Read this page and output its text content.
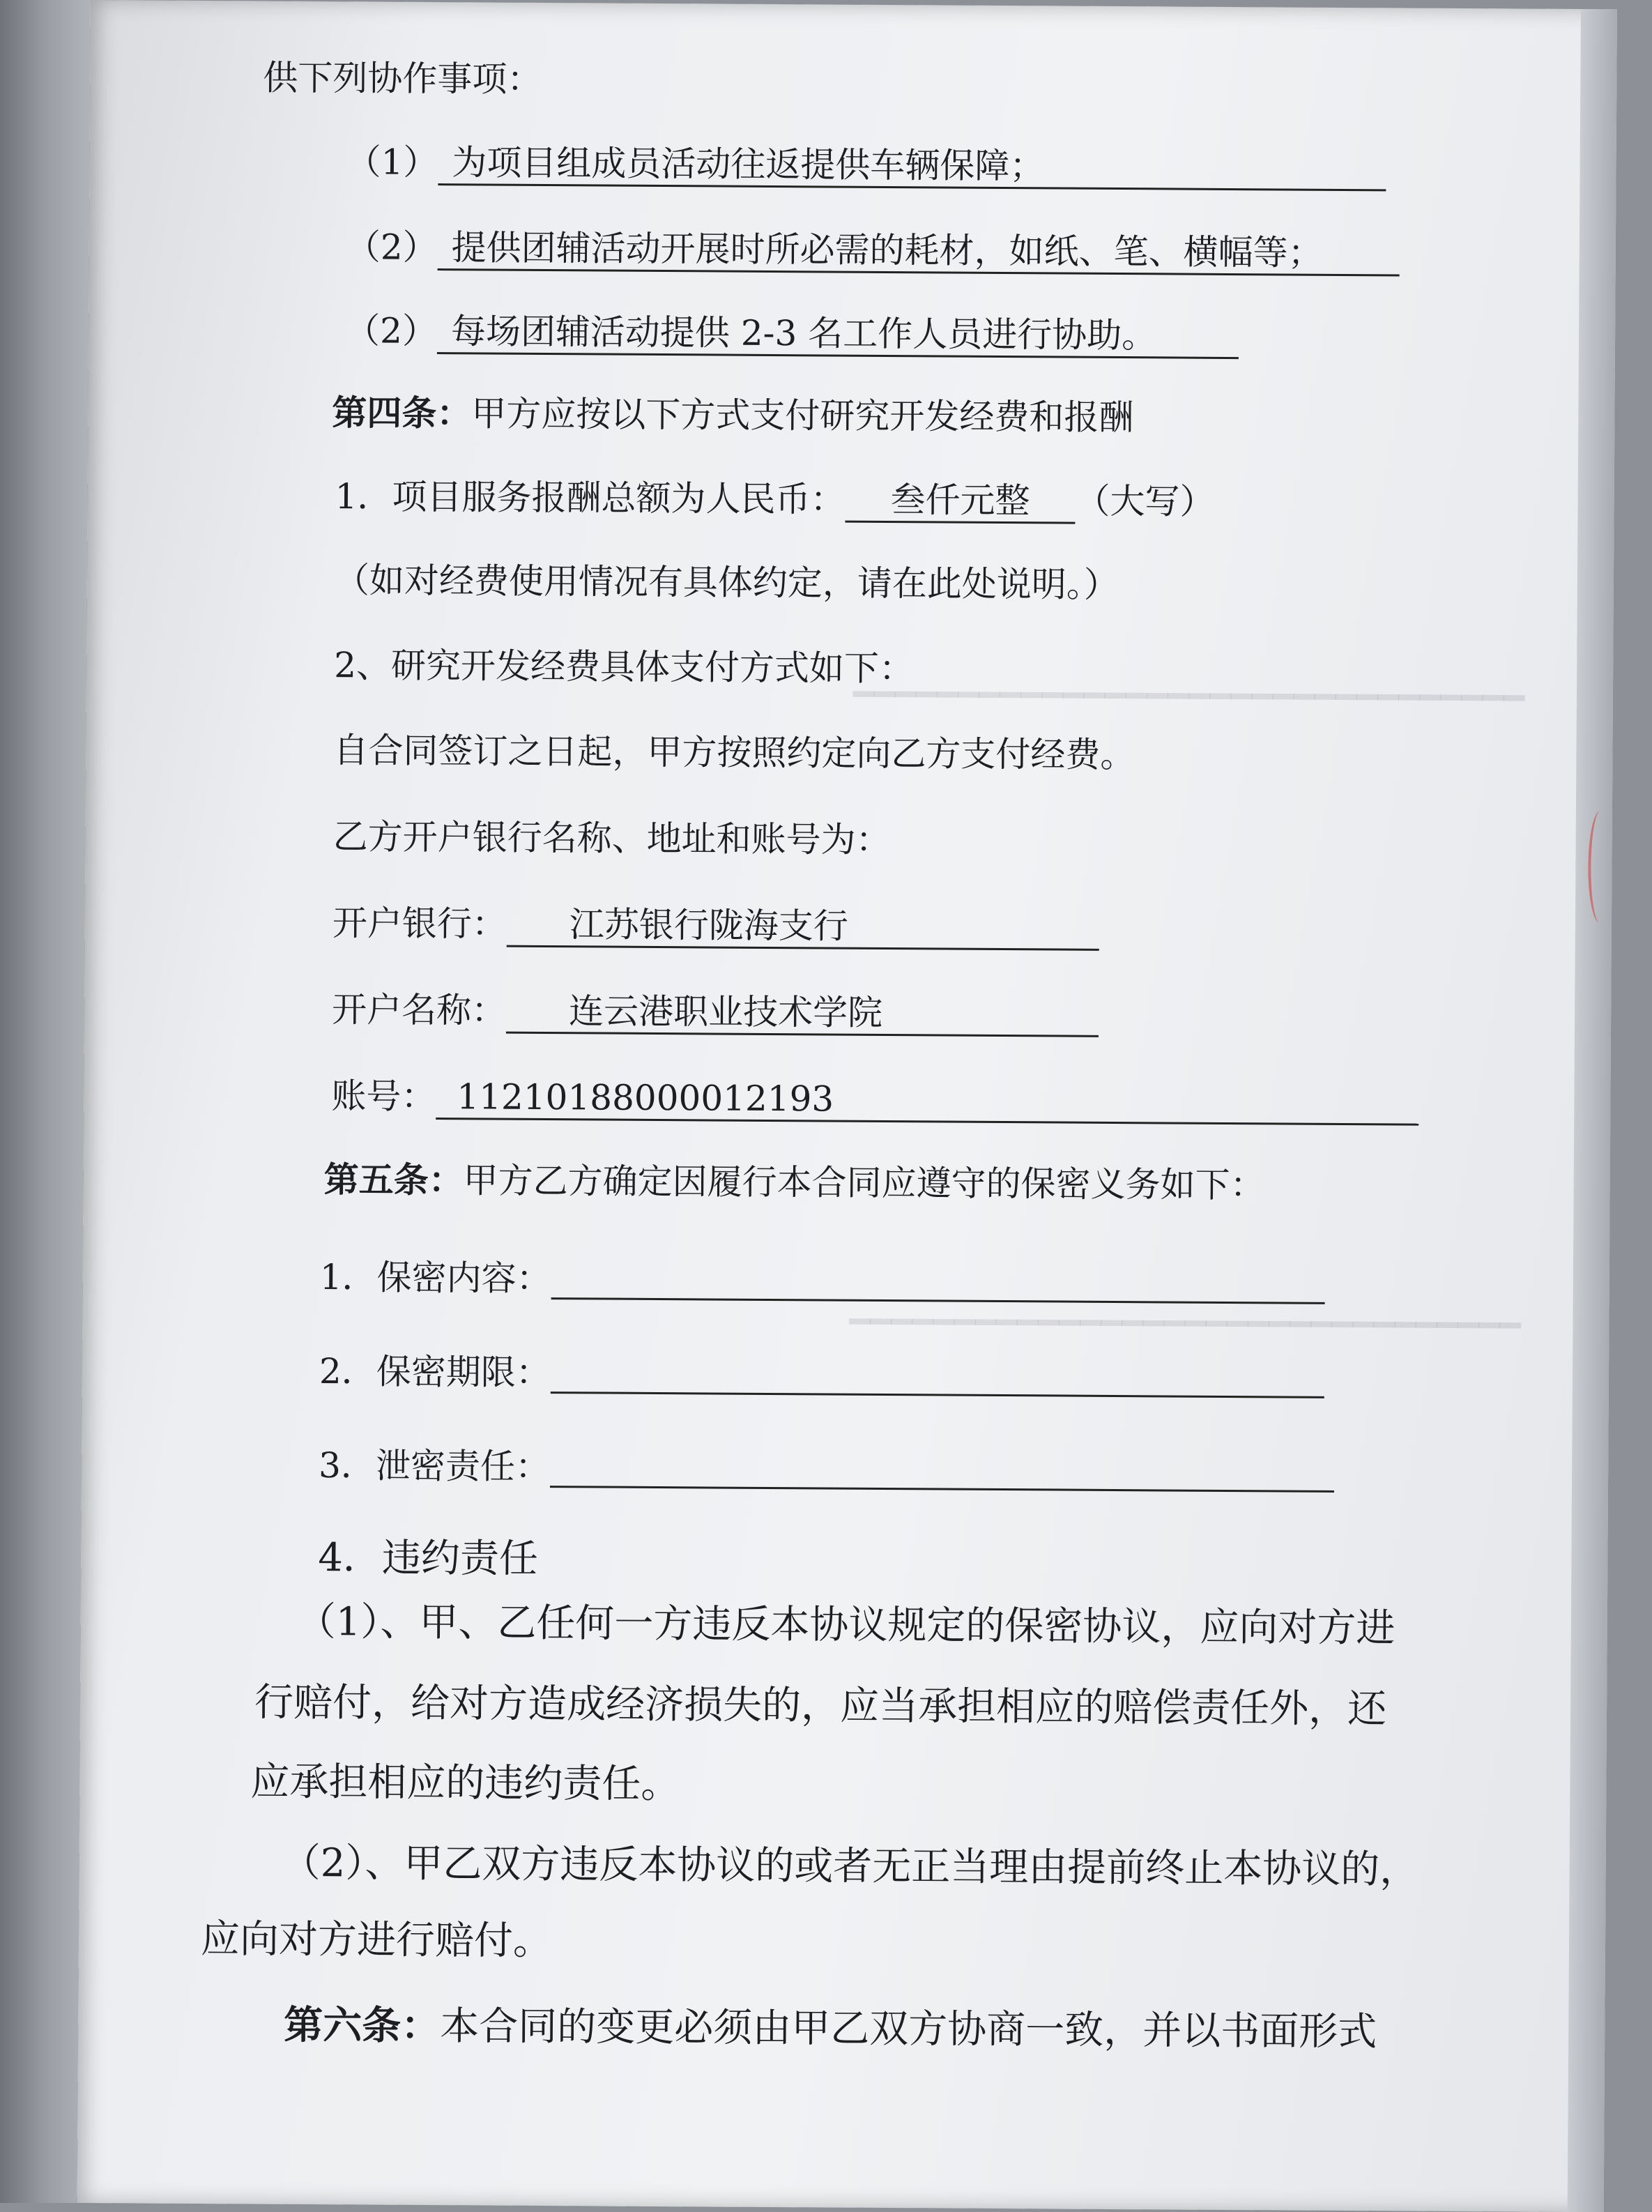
━━━━━━━━━━━━━━━━━━━━━━━━━━━━━━━━
━━━━━━━━━━━━━━━━━━━━━━━━━━━━━━━━
供下列协作事项：
（1） 为项目组成员活动往返提供车辆保障；
（2） 提供团辅活动开展时所必需的耗材，如纸、笔、横幅等；
（2） 每场团辅活动提供 2-3 名工作人员进行协助。
第四条：甲方应按以下方式支付研究开发经费和报酬
1．项目服务报酬总额为人民币： 叁仟元整 （大写）
（如对经费使用情况有具体约定，请在此处说明。）
2、研究开发经费具体支付方式如下：
自合同签订之日起，甲方按照约定向乙方支付经费。
乙方开户银行名称、地址和账号为：
开户银行： 江苏银行陇海支行
开户名称： 连云港职业技术学院
账号： 11210188000012193
第五条：甲方乙方确定因履行本合同应遵守的保密义务如下：
1．保密内容：
2．保密期限：
3．泄密责任：
4．违约责任
（1）、甲、乙任何一方违反本协议规定的保密协议，应向对方进
行赔付，给对方造成经济损失的，应当承担相应的赔偿责任外，还
应承担相应的违约责任。
（2）、甲乙双方违反本协议的或者无正当理由提前终止本协议的，
应向对方进行赔付。
第六条：本合同的变更必须由甲乙双方协商一致，并以书面形式
